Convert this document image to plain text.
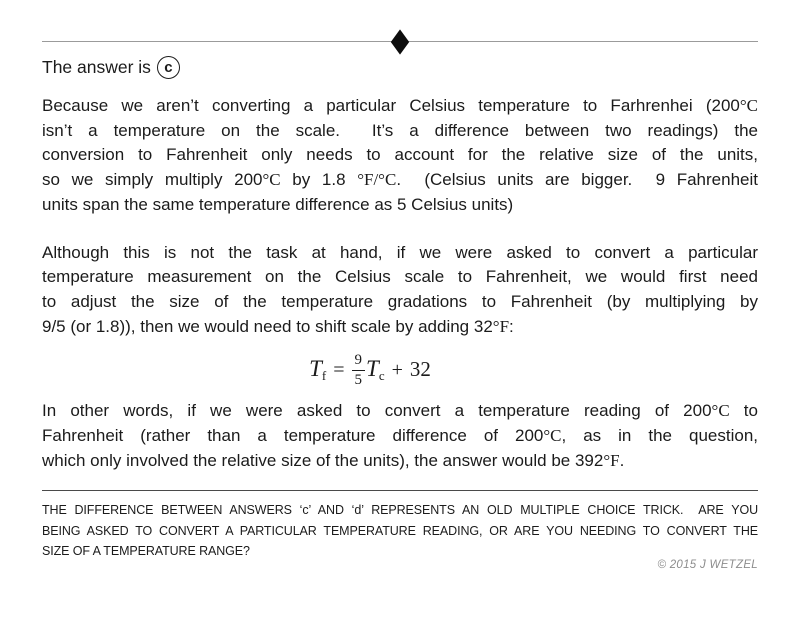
The answer is c
Because we aren’t converting a particular Celsius temperature to Farhrenhei (200°C
isn’t a temperature on the scale.  It’s a difference between two readings) the
conversion to Fahrenheit only needs to account for the relative size of the units,
so we simply multiply 200°C by 1.8 °F/°C.  (Celsius units are bigger.  9 Fahrenheit
units span the same temperature difference as 5 Celsius units)
Although this is not the task at hand, if we were asked to convert a particular
temperature measurement on the Celsius scale to Fahrenheit, we would first need
to adjust the size of the temperature gradations to Fahrenheit (by multiplying by
9/5 (or 1.8)), then we would need to shift scale by adding 32°F:
$T_f = \frac{9}{5} T_c + 32$
In other words, if we were asked to convert a temperature reading of 200°C to
Fahrenheit (rather than a temperature difference of 200°C, as in the question,
which only involved the relative size of the units), the answer would be 392°F.
THE DIFFERENCE BETWEEN ANSWERS ‘c’ AND ‘d’ REPRESENTS AN OLD MULTIPLE CHOICE TRICK.  ARE YOU
BEING ASKED TO CONVERT A PARTICULAR TEMPERATURE READING, OR ARE YOU NEEDING TO CONVERT THE
SIZE OF A TEMPERATURE RANGE?
© 2015 J WETZEL
